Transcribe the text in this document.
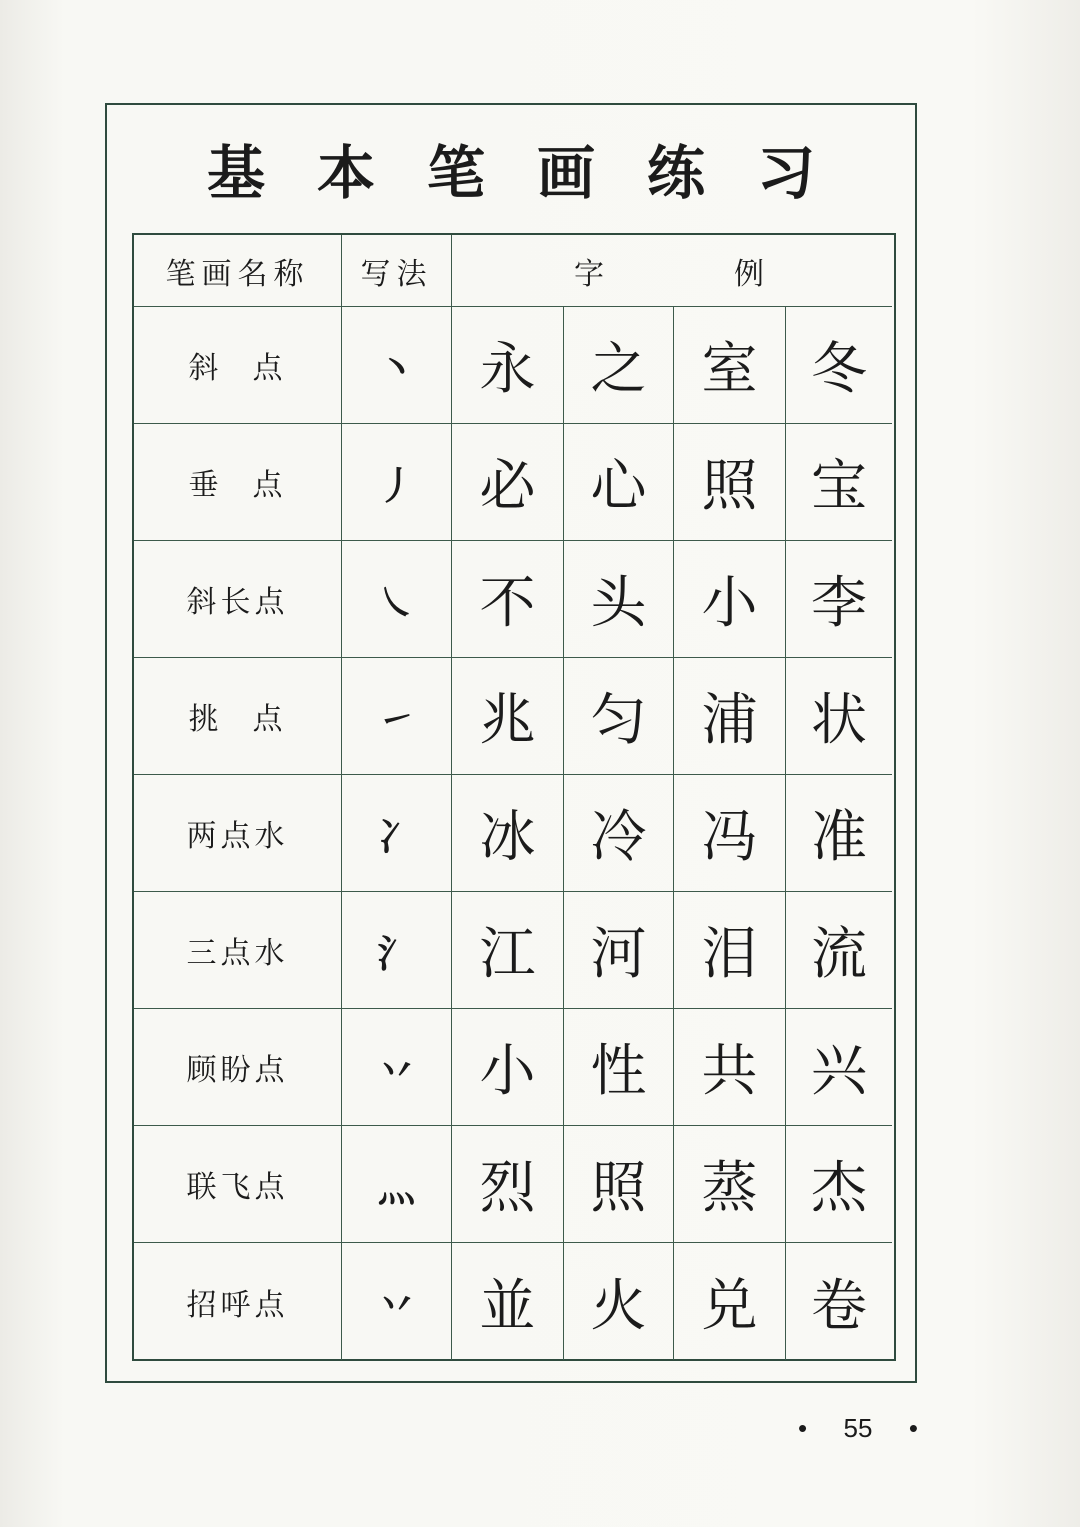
基 本 笔 画 练 习
笔画名称	写法	字	例
斜点	丶	永 之 室 冬
垂点	丿	必 心 照 宝
斜长点	㇏	不 头 小 李
挑点	㇀	兆 匀 浦 状
两点水	冫	冰 冷 冯 准
三点水	氵	江 河 泪 流
顾盼点	丷	小 性 共 兴
联飞点	灬	烈 照 蒸 杰
招呼点	丷	並 火 兑 卷
• 55 •
